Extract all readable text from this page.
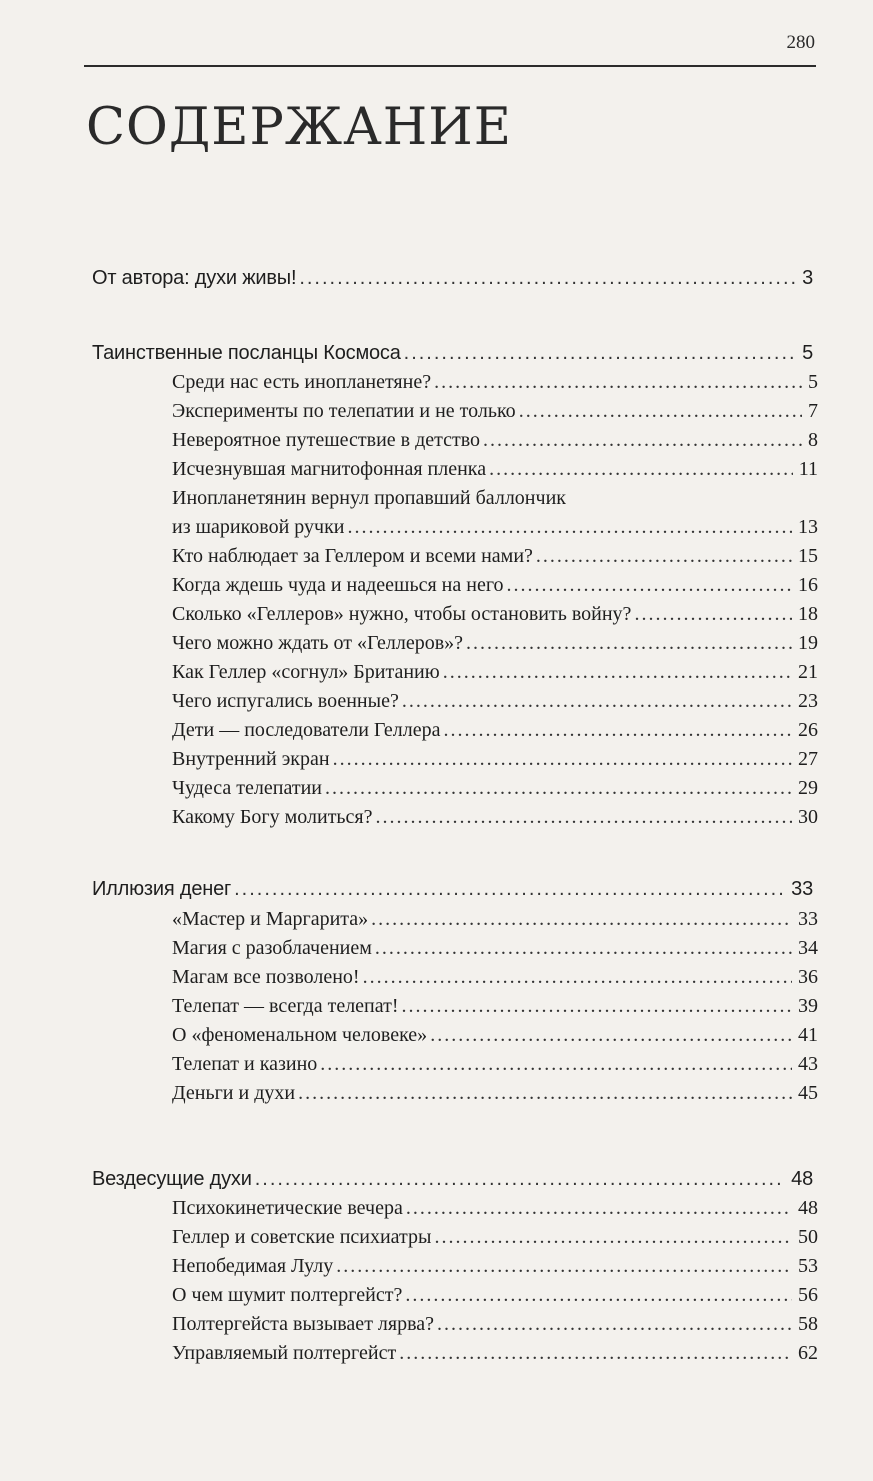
280
СОДЕРЖАНИЕ
От автора: духи живы! .....	3
Таинственные посланцы Космоса .....	5
Среди нас есть инопланетяне? .....	5
Эксперименты по телепатии и не только .....	7
Невероятное путешествие в детство .....	8
Исчезнувшая магнитофонная пленка .....	11
Инопланетянин вернул пропавший баллончик
из шариковой ручки .....	13
Кто наблюдает за Геллером и всеми нами? .....	15
Когда ждешь чуда и надеешься на него .....	16
Сколько «Геллеров» нужно, чтобы остановить войну? .....	18
Чего можно ждать от «Геллеров»? .....	19
Как Геллер «согнул» Британию .....	21
Чего испугались военные? .....	23
Дети — последователи Геллера .....	26
Внутренний экран .....	27
Чудеса телепатии .....	29
Какому Богу молиться? .....	30
Иллюзия денег .....	33
«Мастер и Маргарита» .....	33
Магия с разоблачением .....	34
Магам все позволено! .....	36
Телепат — всегда телепат! .....	39
О «феноменальном человеке» .....	41
Телепат и казино .....	43
Деньги и духи .....	45
Вездесущие духи .....	48
Психокинетические вечера .....	48
Геллер и советские психиатры .....	50
Непобедимая Лулу .....	53
О чем шумит полтергейст? .....	56
Полтергейста вызывает лярва? .....	58
Управляемый полтергейст .....	62
